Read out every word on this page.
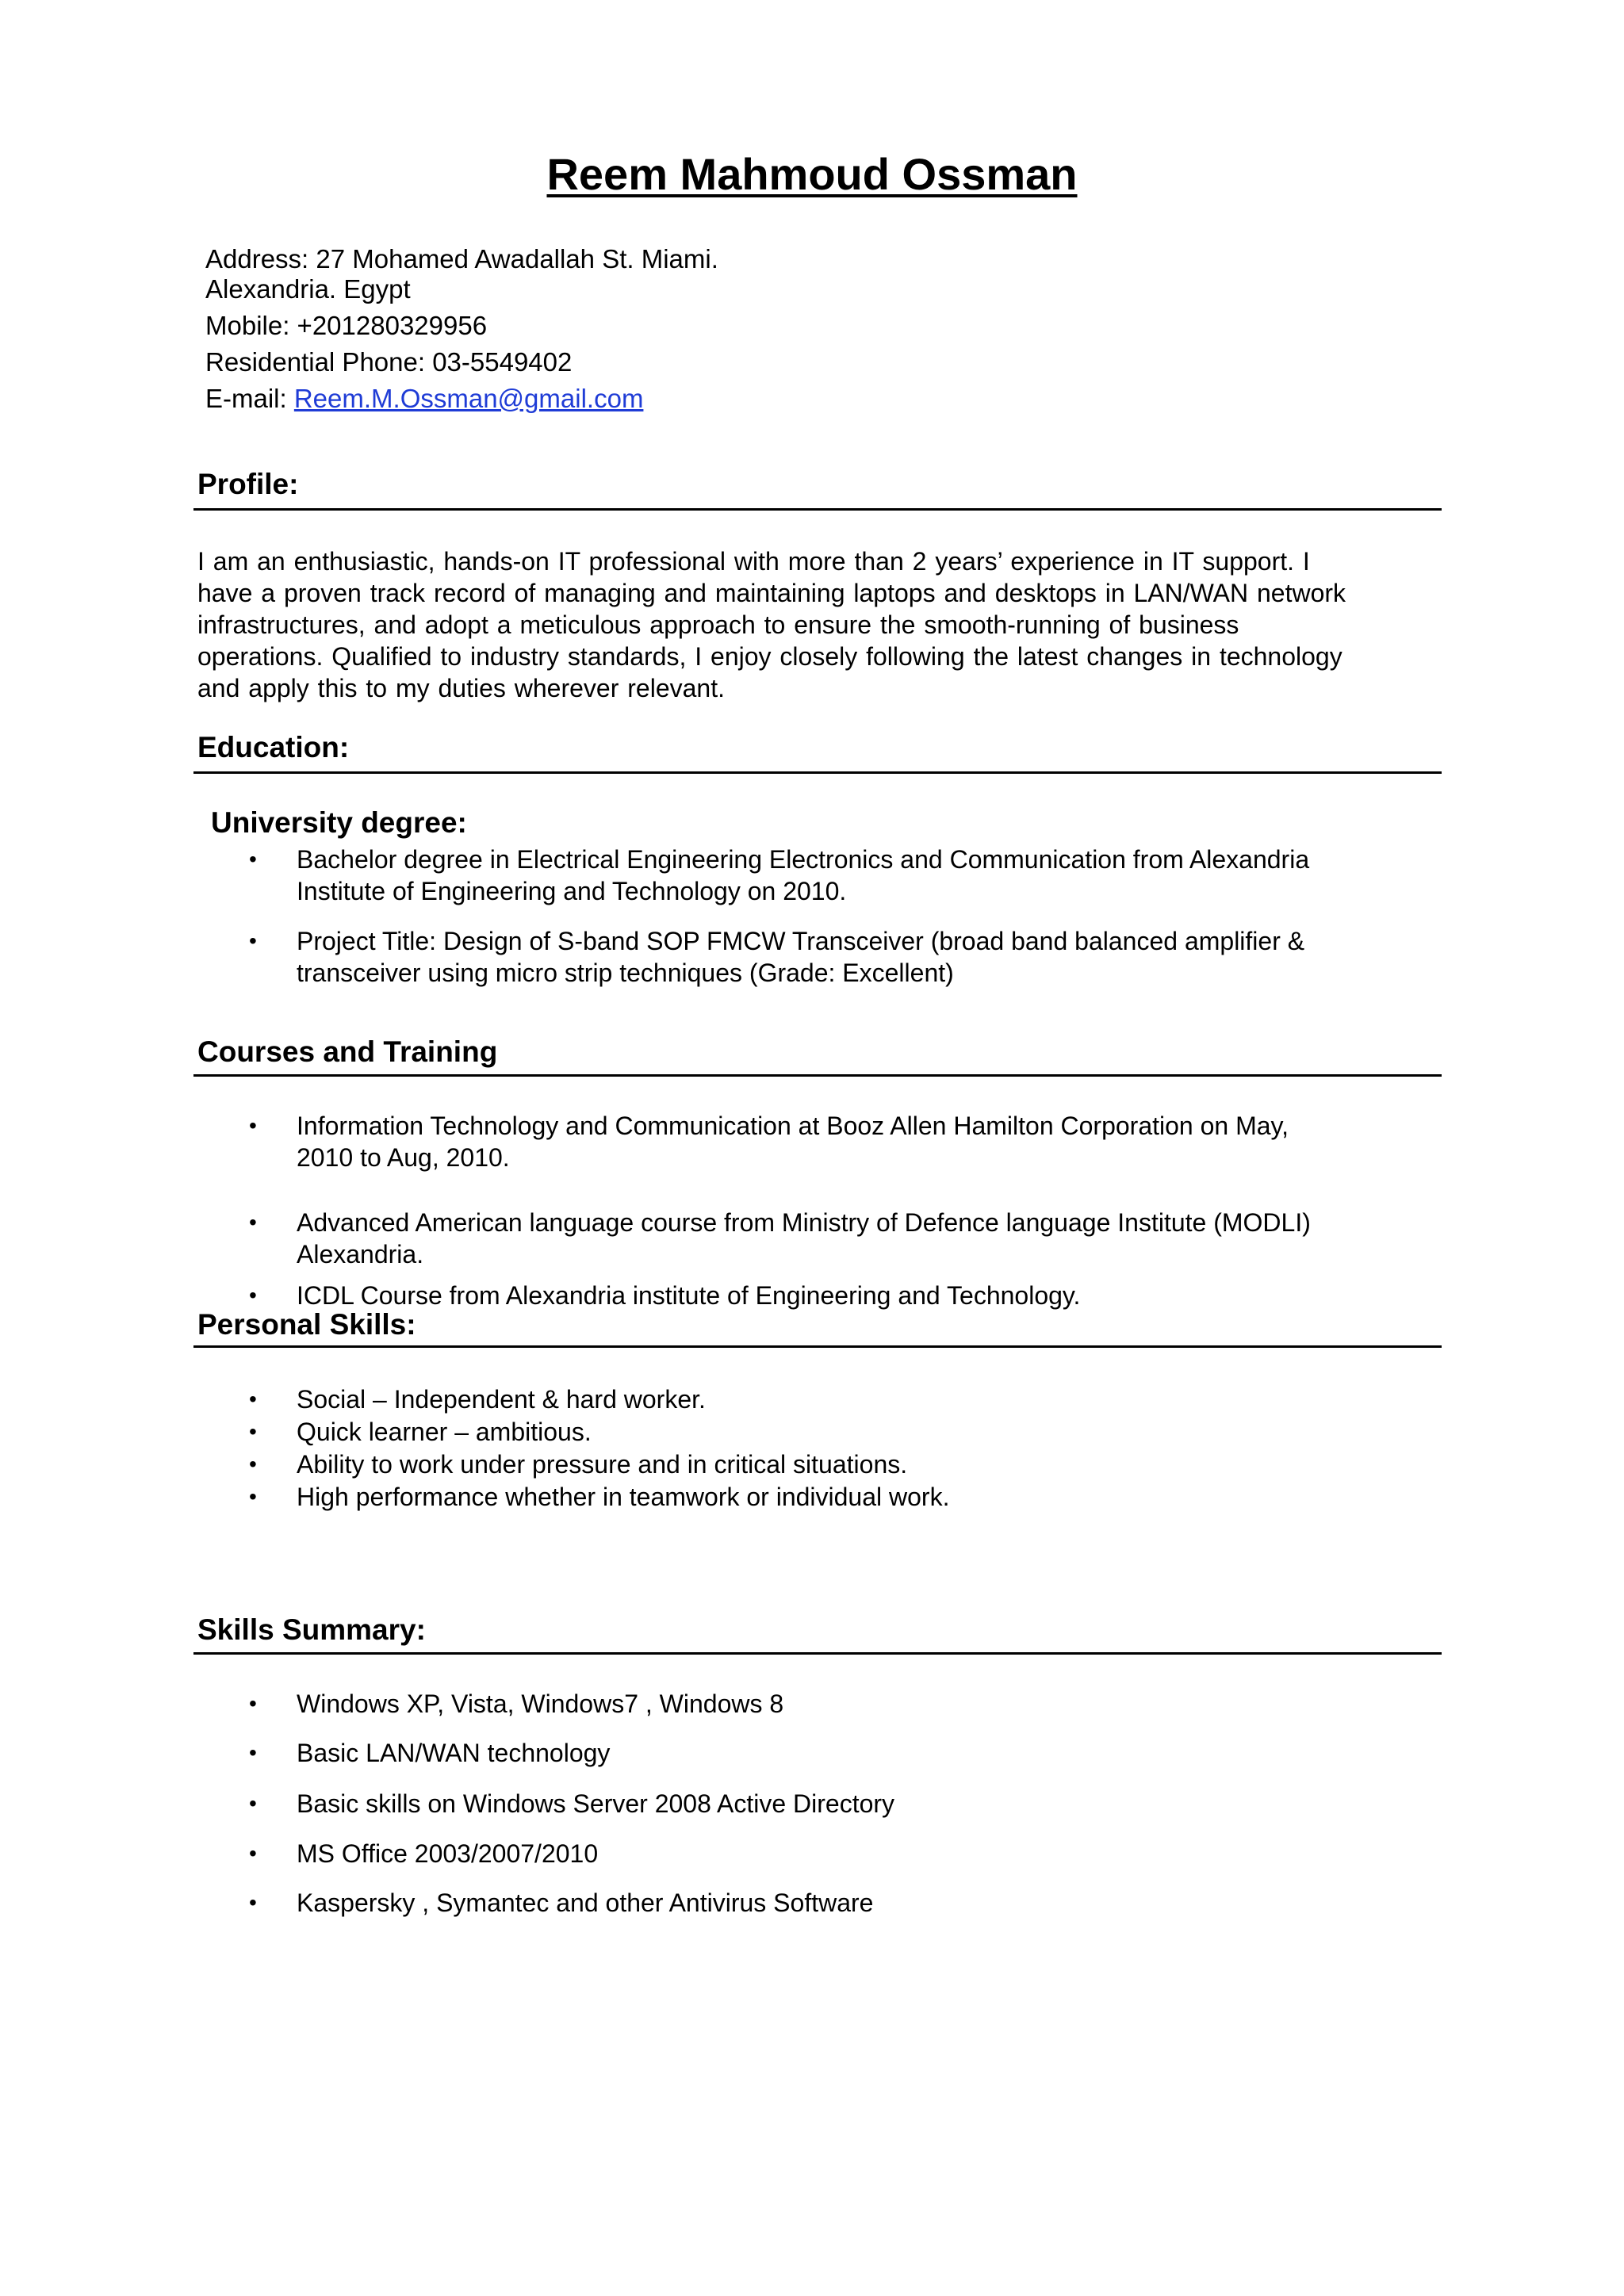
Reem Mahmoud Ossman
Address: 27 Mohamed Awadallah St. Miami.
Alexandria. Egypt
Mobile: +201280329956
Residential Phone: 03-5549402
E-mail: Reem.M.Ossman@gmail.com
Profile:
I am an enthusiastic, hands-on IT professional with more than 2 years’ experience in IT support. I
have a proven track record of managing and maintaining laptops and desktops in LAN/WAN network
infrastructures, and adopt a meticulous approach to ensure the smooth-running of business
operations. Qualified to industry standards, I enjoy closely following the latest changes in technology
and apply this to my duties wherever relevant.
Education:
University degree:
• Bachelor degree in Electrical Engineering Electronics and Communication from Alexandria
Institute of Engineering and Technology on 2010.
• Project Title: Design of S-band SOP FMCW Transceiver (broad band balanced amplifier &
transceiver using micro strip techniques (Grade: Excellent)
Courses and Training
• Information Technology and Communication at Booz Allen Hamilton Corporation on May,
2010 to Aug, 2010.
• Advanced American language course from Ministry of Defence language Institute (MODLI)
Alexandria.
• ICDL Course from Alexandria institute of Engineering and Technology.
Personal Skills:
• Social – Independent & hard worker.
• Quick learner – ambitious.
• Ability to work under pressure and in critical situations.
• High performance whether in teamwork or individual work.
Skills Summary:
• Windows XP, Vista, Windows7 , Windows 8
• Basic LAN/WAN technology
• Basic skills on Windows Server 2008 Active Directory
• MS Office 2003/2007/2010
• Kaspersky , Symantec and other Antivirus Software
